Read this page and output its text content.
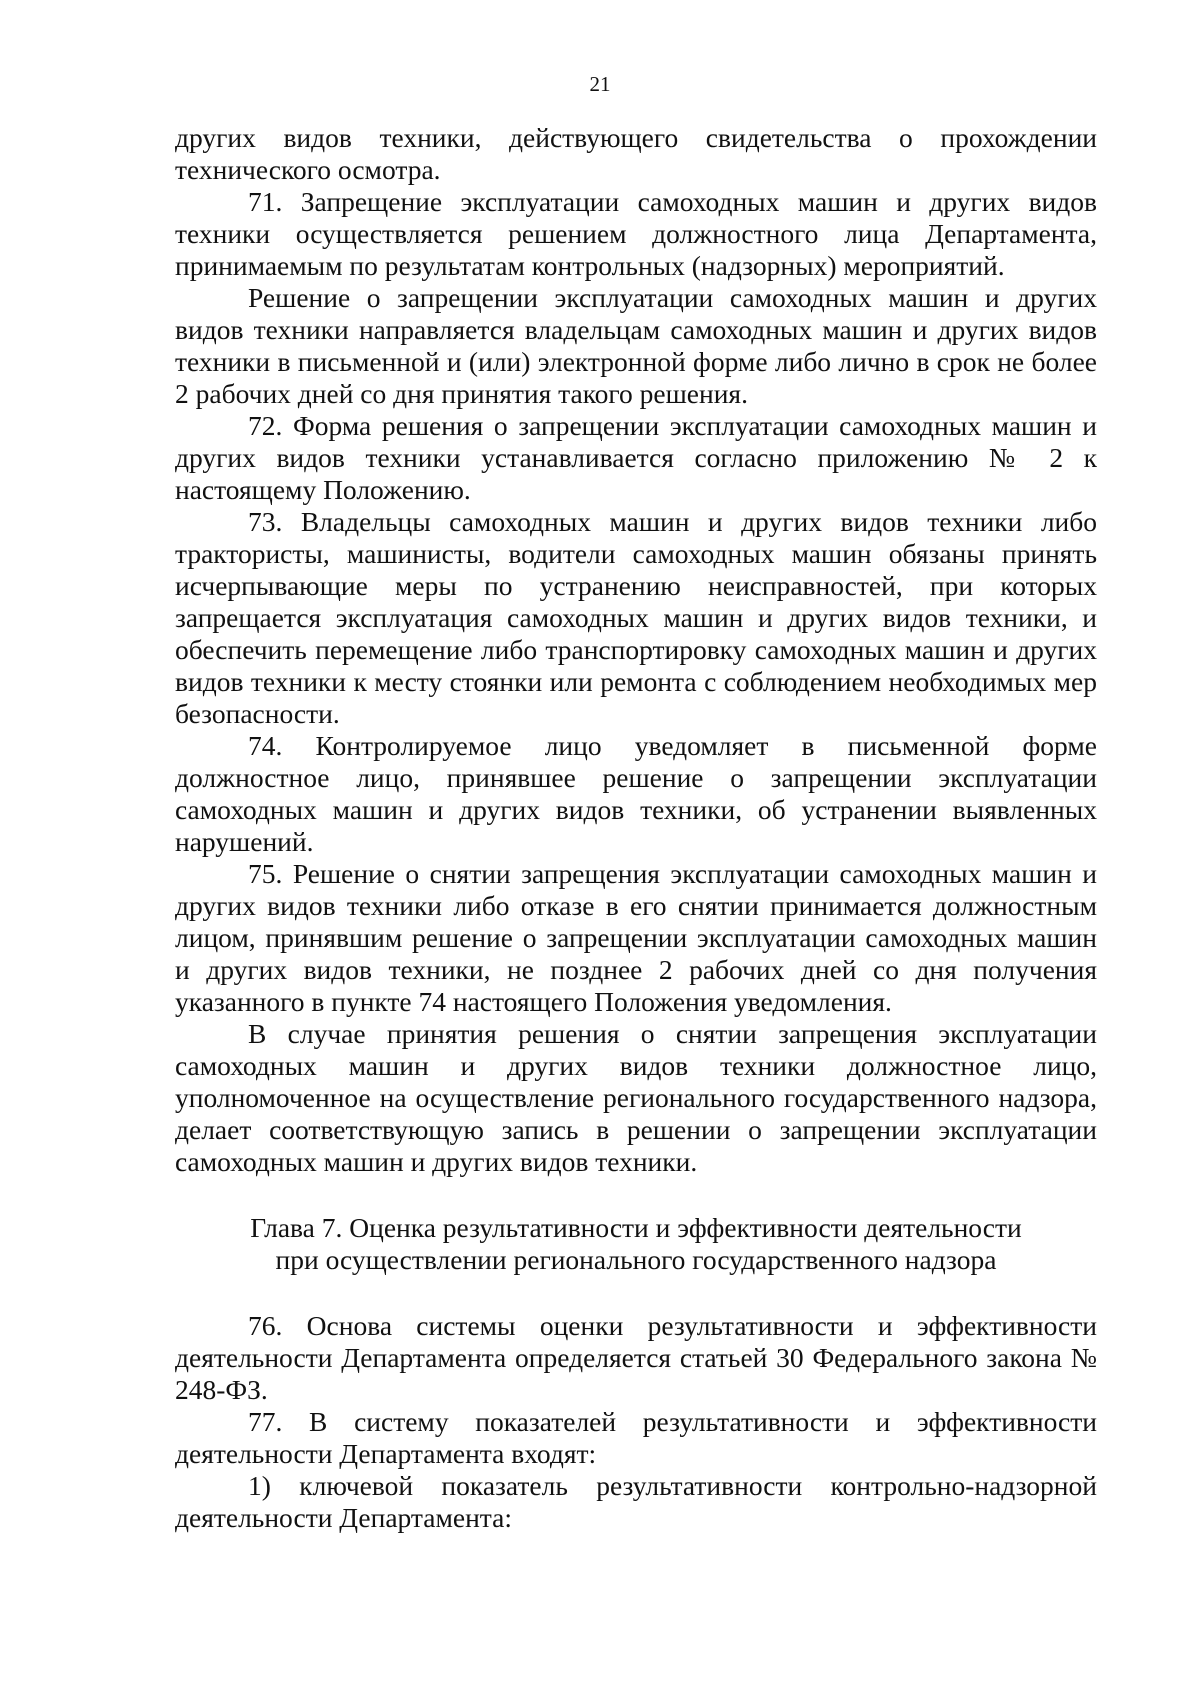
21

других видов техники, действующего свидетельства о прохождении технического осмотра.

71. Запрещение эксплуатации самоходных машин и других видов техники осуществляется решением должностного лица Департамента, принимаемым по результатам контрольных (надзорных) мероприятий.

Решение о запрещении эксплуатации самоходных машин и других видов техники направляется владельцам самоходных машин и других видов техники в письменной и (или) электронной форме либо лично в срок не более 2 рабочих дней со дня принятия такого решения.

72. Форма решения о запрещении эксплуатации самоходных машин и других видов техники устанавливается согласно приложению № 2 к настоящему Положению.

73. Владельцы самоходных машин и других видов техники либо трактористы, машинисты, водители самоходных машин обязаны принять исчерпывающие меры по устранению неисправностей, при которых запрещается эксплуатация самоходных машин и других видов техники, и обеспечить перемещение либо транспортировку самоходных машин и других видов техники к месту стоянки или ремонта с соблюдением необходимых мер безопасности.

74. Контролируемое лицо уведомляет в письменной форме должностное лицо, принявшее решение о запрещении эксплуатации самоходных машин и других видов техники, об устранении выявленных нарушений.

75. Решение о снятии запрещения эксплуатации самоходных машин и других видов техники либо отказе в его снятии принимается должностным лицом, принявшим решение о запрещении эксплуатации самоходных машин и других видов техники, не позднее 2 рабочих дней со дня получения указанного в пункте 74 настоящего Положения уведомления.

В случае принятия решения о снятии запрещения эксплуатации самоходных машин и других видов техники должностное лицо, уполномоченное на осуществление регионального государственного надзора, делает соответствующую запись в решении о запрещении эксплуатации самоходных машин и других видов техники.

Глава 7. Оценка результативности и эффективности деятельности
при осуществлении регионального государственного надзора

76. Основа системы оценки результативности и эффективности деятельности Департамента определяется статьей 30 Федерального закона № 248-ФЗ.

77. В систему показателей результативности и эффективности деятельности Департамента входят:

1) ключевой показатель результативности контрольно-надзорной деятельности Департамента:
